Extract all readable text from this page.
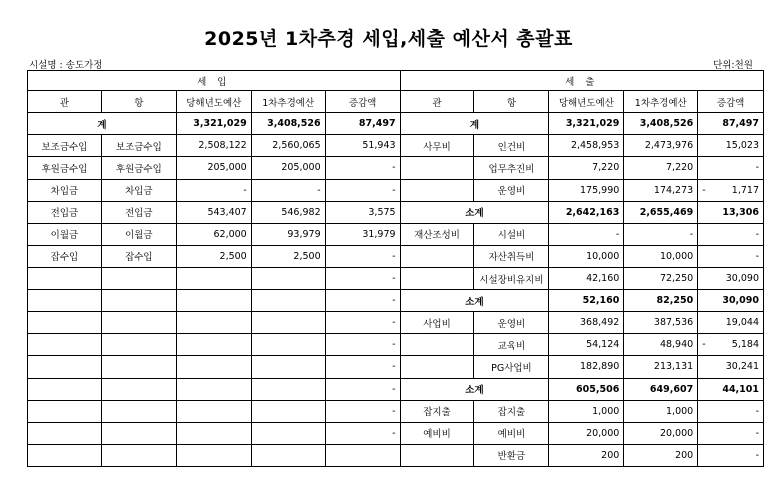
2025년 1차추경 세입,세출 예산서 총괄표
시설명 : 송도가정	단위:천원
세 입					세 출				
관	항	당해년도예산	1차추경예산	증감액	관	항	당해년도예산	1차추경예산	증감액
계		3,321,029	3,408,526	87,497	계		3,321,029	3,408,526	87,497
보조금수입	보조금수입	2,508,122	2,560,065	51,943	사무비	인건비	2,458,953	2,473,976	15,023
후원금수입	후원금수입	205,000	205,000	-		업무추진비	7,220	7,220	-
차입금	차입금	-	-	-		운영비	175,990	174,273	- 1,717

전입금	전입금	543,407	546,982	3,575	소계		2,642,163	2,655,469	13,306
이월금	이월금	62,000	93,979	31,979	재산조성비	시설비	-	-	-
잡수입	잡수입	2,500	2,500	-		자산취득비	10,000	10,000	-
				-		시설장비유지비	42,160	72,250	30,090
				-	소계		52,160	82,250	30,090
				-	사업비	운영비	368,492	387,536	19,044
				-		교육비	54,124	48,940	- 5,184

				-		PG사업비	182,890	213,131	30,241
				-	소계		605,506	649,607	44,101
				-	잡지출	잡지출	1,000	1,000	-
				-	예비비	예비비	20,000	20,000	-
						반환금	200	200	-
